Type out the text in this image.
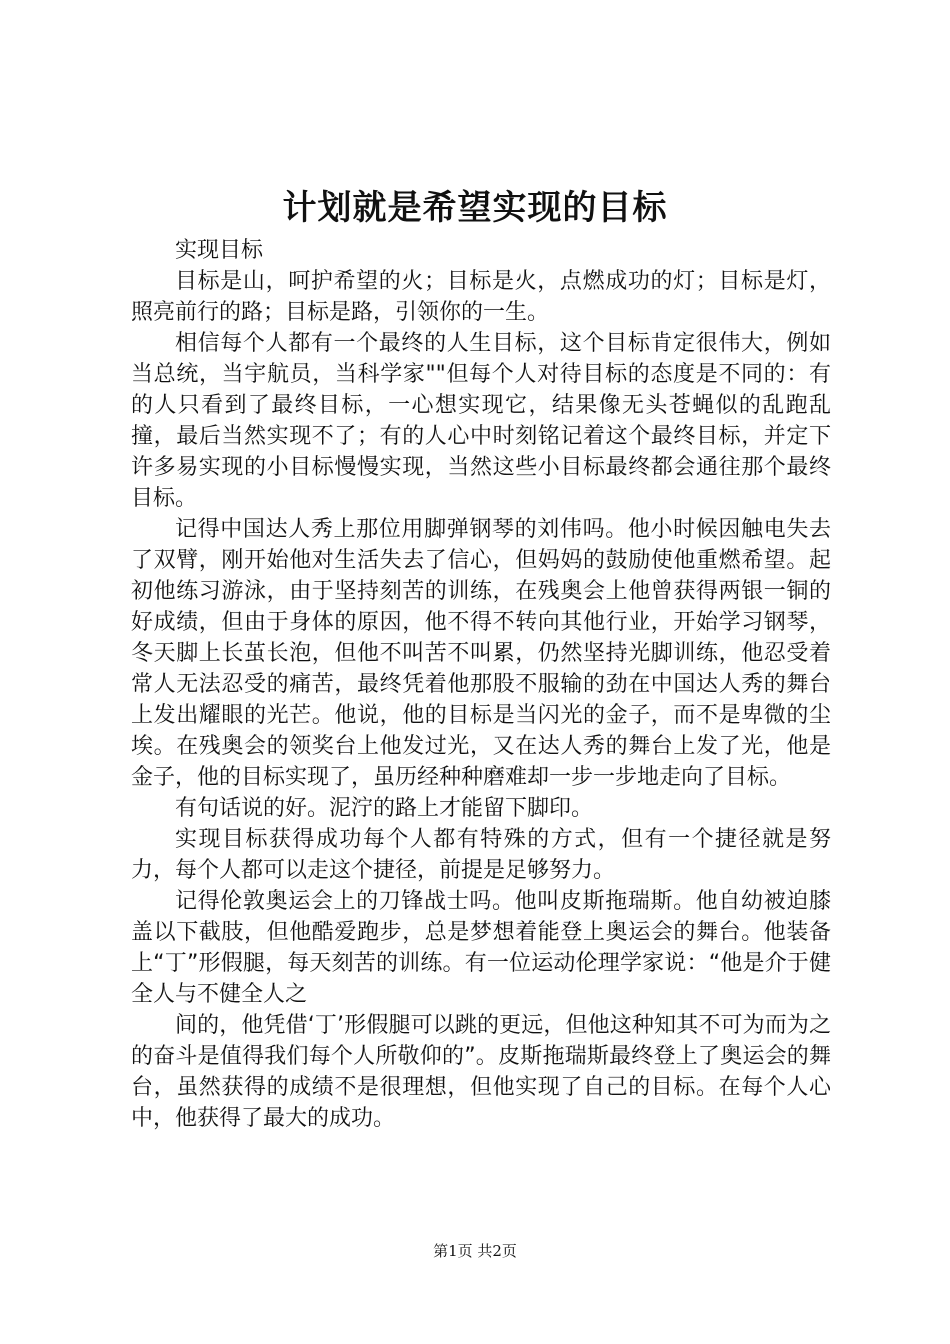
计划就是希望实现的目标

实现目标

目标是山，呵护希望的火；目标是火，点燃成功的灯；目标是灯，照亮前行的路；目标是路，引领你的一生。

相信每个人都有一个最终的人生目标，这个目标肯定很伟大，例如当总统，当宇航员，当科学家""但每个人对待目标的态度是不同的：有的人只看到了最终目标，一心想实现它，结果像无头苍蝇似的乱跑乱撞，最后当然实现不了；有的人心中时刻铭记着这个最终目标，并定下许多易实现的小目标慢慢实现，当然这些小目标最终都会通往那个最终目标。

记得中国达人秀上那位用脚弹钢琴的刘伟吗。他小时候因触电失去了双臂，刚开始他对生活失去了信心，但妈妈的鼓励使他重燃希望。起初他练习游泳，由于坚持刻苦的训练，在残奥会上他曾获得两银一铜的好成绩，但由于身体的原因，他不得不转向其他行业，开始学习钢琴，冬天脚上长茧长泡，但他不叫苦不叫累，仍然坚持光脚训练，他忍受着常人无法忍受的痛苦，最终凭着他那股不服输的劲在中国达人秀的舞台上发出耀眼的光芒。他说，他的目标是当闪光的金子，而不是卑微的尘埃。在残奥会的领奖台上他发过光，又在达人秀的舞台上发了光，他是金子，他的目标实现了，虽历经种种磨难却一步一步地走向了目标。

有句话说的好。泥泞的路上才能留下脚印。

实现目标获得成功每个人都有特殊的方式，但有一个捷径就是努力，每个人都可以走这个捷径，前提是足够努力。

记得伦敦奥运会上的刀锋战士吗。他叫皮斯拖瑞斯。他自幼被迫膝盖以下截肢，但他酷爱跑步，总是梦想着能登上奥运会的舞台。他装备上“丁”形假腿，每天刻苦的训练。有一位运动伦理学家说：“他是介于健全人与不健全人之

间的，他凭借‘丁’形假腿可以跳的更远，但他这种知其不可为而为之的奋斗是值得我们每个人所敬仰的”。皮斯拖瑞斯最终登上了奥运会的舞台，虽然获得的成绩不是很理想，但他实现了自己的目标。在每个人心中，他获得了最大的成功。

第1页 共2页
